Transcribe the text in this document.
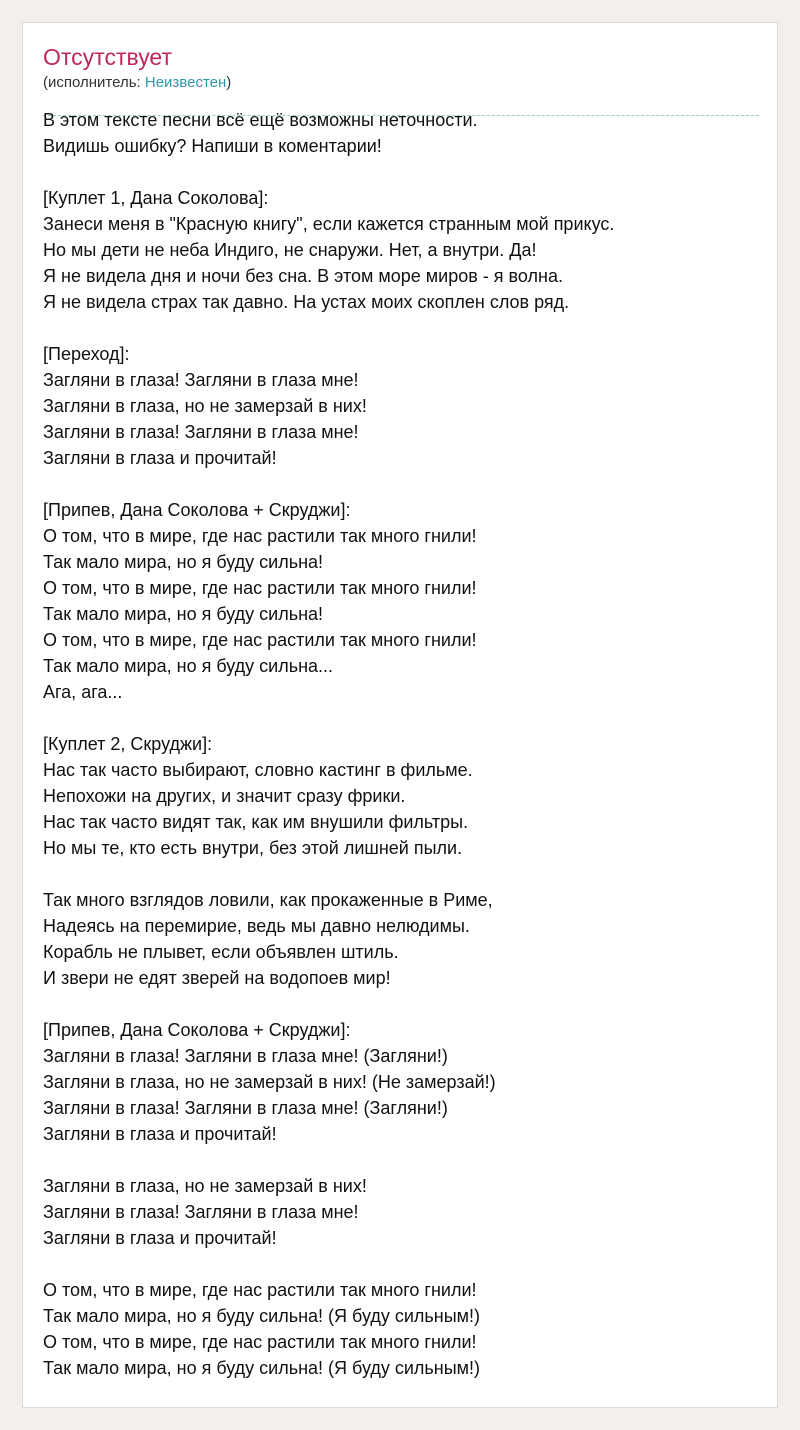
Отсутствует
(исполнитель: Неизвестен)
В этом тексте песни всё ещё возможны неточности.
Видишь ошибку? Напиши в коментарии!
[Куплет 1, Дана Соколова]:
Занеси меня в "Красную книгу", если кажется странным мой прикус.
Но мы дети не неба Индиго, не снаружи. Нет, а внутри. Да!
Я не видела дня и ночи без сна. В этом море миров - я волна.
Я не видела страх так давно. На устах моих скоплен слов ряд.
[Переход]:
Загляни в глаза! Загляни в глаза мне!
Загляни в глаза, но не замерзай в них!
Загляни в глаза! Загляни в глаза мне!
Загляни в глаза и прочитай!
[Припев, Дана Соколова + Скруджи]:
О том, что в мире, где нас растили так много гнили!
Так мало мира, но я буду сильна!
О том, что в мире, где нас растили так много гнили!
Так мало мира, но я буду сильна!
О том, что в мире, где нас растили так много гнили!
Так мало мира, но я буду сильна...
Ага, ага...
[Куплет 2, Скруджи]:
Нас так часто выбирают, словно кастинг в фильме.
Непохожи на других, и значит сразу фрики.
Нас так часто видят так, как им внушили фильтры.
Но мы те, кто есть внутри, без этой лишней пыли.
Так много взглядов ловили, как прокаженные в Риме,
Надеясь на перемирие, ведь мы давно нелюдимы.
Корабль не плывет, если объявлен штиль.
И звери не едят зверей на водопоев мир!
[Припев, Дана Соколова + Скруджи]:
Загляни в глаза! Загляни в глаза мне! (Загляни!)
Загляни в глаза, но не замерзай в них! (Не замерзай!)
Загляни в глаза! Загляни в глаза мне! (Загляни!)
Загляни в глаза и прочитай!
Загляни в глаза, но не замерзай в них!
Загляни в глаза! Загляни в глаза мне!
Загляни в глаза и прочитай!
О том, что в мире, где нас растили так много гнили!
Так мало мира, но я буду сильна! (Я буду сильным!)
О том, что в мире, где нас растили так много гнили!
Так мало мира, но я буду сильна! (Я буду сильным!)
